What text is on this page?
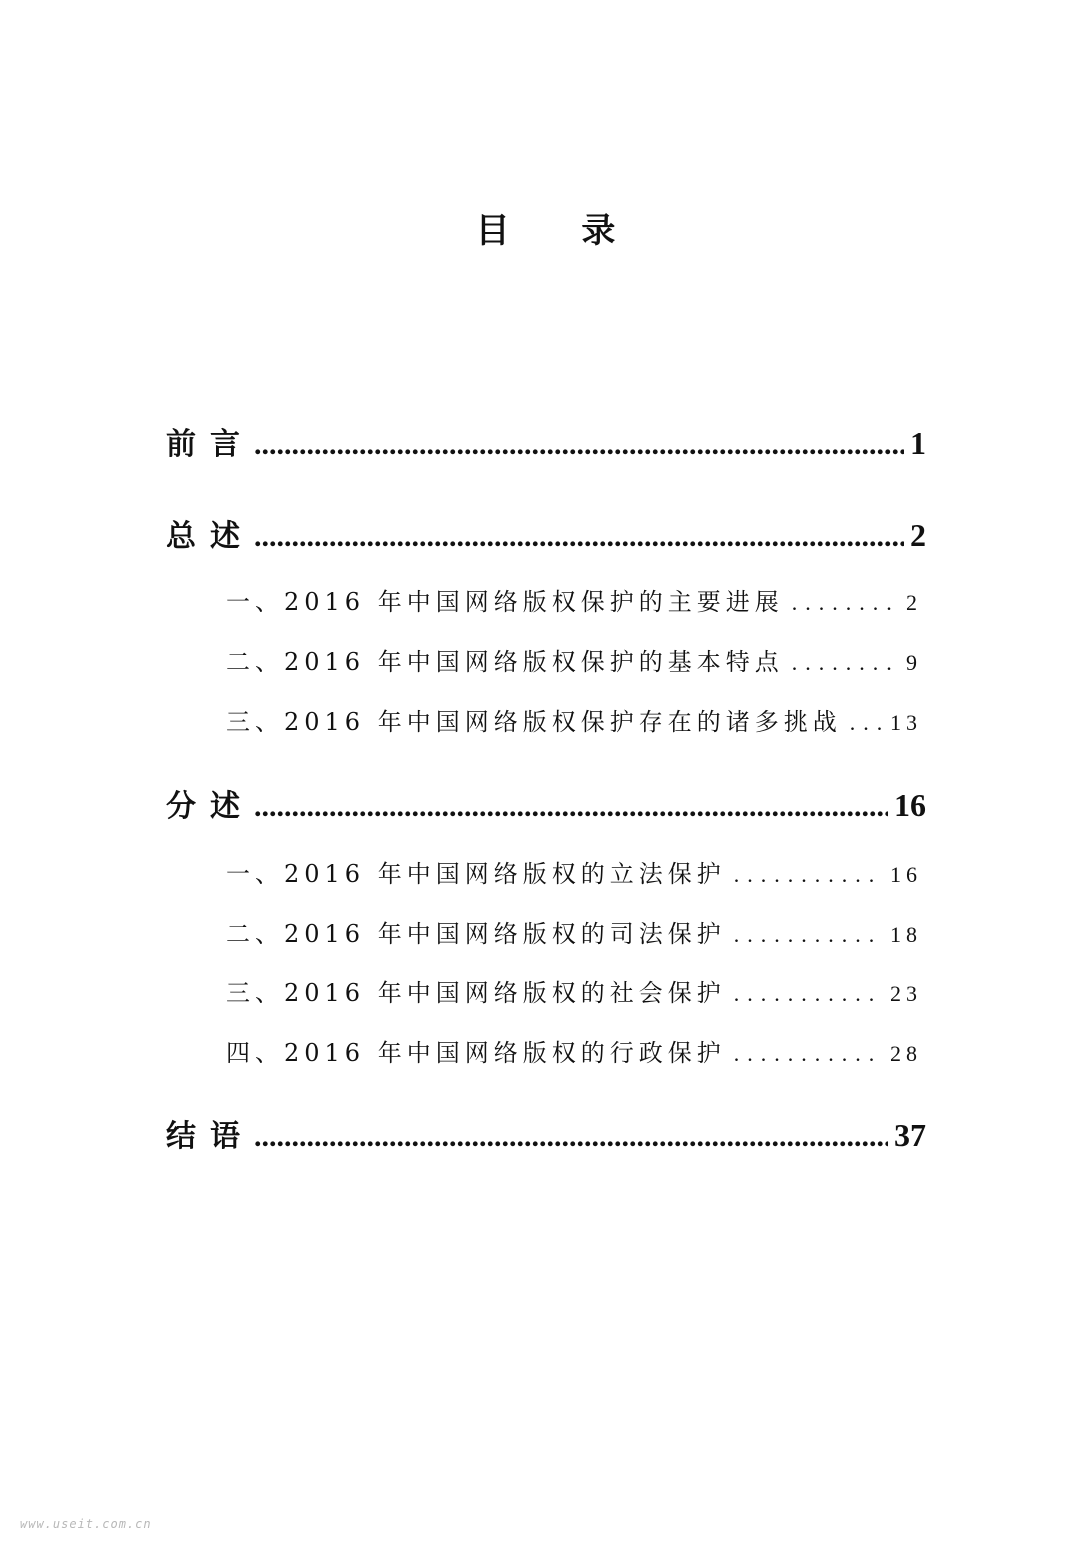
目 录
前言 .....	1
总述 .....	2
一、2016 年中国网络版权保护的主要进展 .....	2
二、2016 年中国网络版权保护的基本特点 .....	9
三、2016 年中国网络版权保护存在的诸多挑战 ..... 13
分述 .....	16
一、2016 年中国网络版权的立法保护 .....	16
二、2016 年中国网络版权的司法保护 .....	18
三、2016 年中国网络版权的社会保护 .....	23
四、2016 年中国网络版权的行政保护 .....	28
结语 .....	37
www.useit.com.cn
